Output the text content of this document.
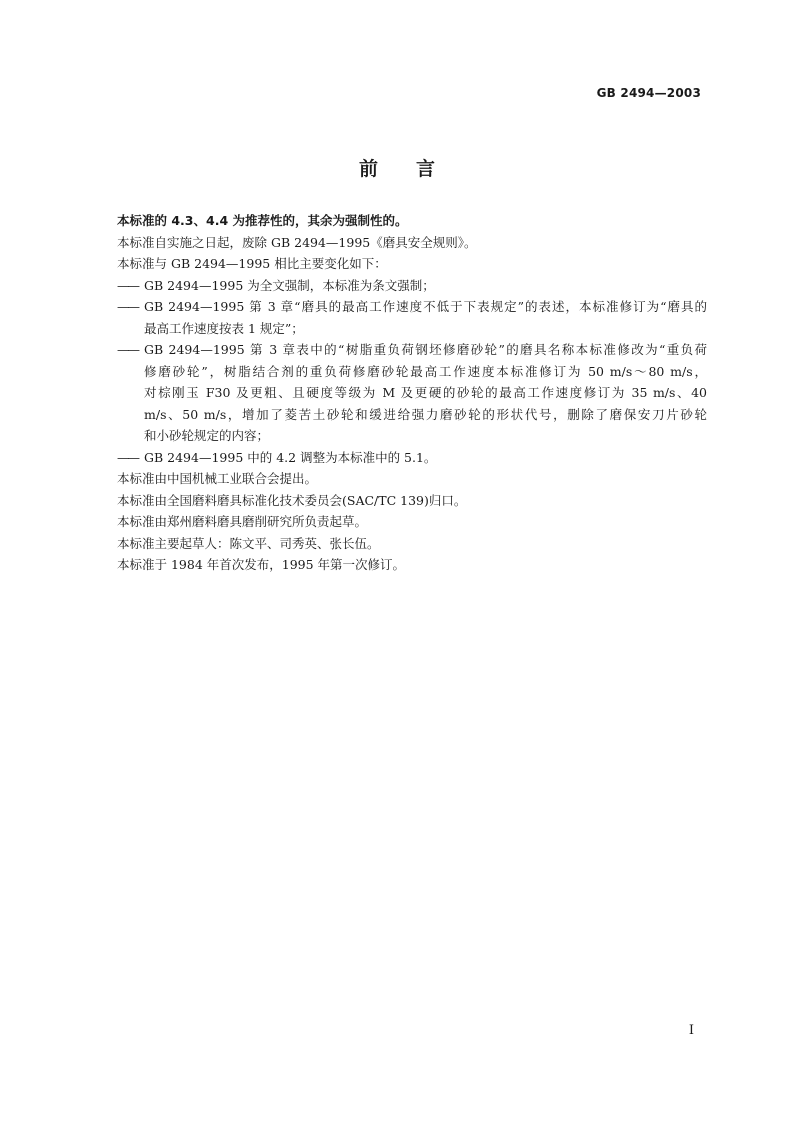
GB 2494—2003
前 言

本标准的 4.3、4.4 为推荐性的，其余为强制性的。

本标准自实施之日起，废除 GB 2494—1995《磨具安全规则》。

本标准与 GB 2494—1995 相比主要变化如下：

—— GB 2494—1995 为全文强制，本标准为条文强制；
—— GB 2494—1995 第 3 章“磨具的最高工作速度不低于下表规定”的表述，本标准修订为“磨具的
最高工作速度按表 1 规定”；
—— GB 2494—1995 第 3 章表中的“树脂重负荷钢坯修磨砂轮”的磨具名称本标准修改为“重负荷
修磨砂轮”，树脂结合剂的重负荷修磨砂轮最高工作速度本标准修订为 50 m/s～80 m/s，
对棕刚玉 F30 及更粗、且硬度等级为 M 及更硬的砂轮的最高工作速度修订为 35 m/s、40
m/s、50 m/s，增加了菱苦土砂轮和缓进给强力磨砂轮的形状代号，删除了磨保安刀片砂轮
和小砂轮规定的内容；
—— GB 2494—1995 中的 4.2 调整为本标准中的 5.1。

本标准由中国机械工业联合会提出。

本标准由全国磨料磨具标准化技术委员会(SAC/TC 139)归口。

本标准由郑州磨料磨具磨削研究所负责起草。

本标准主要起草人：陈文平、司秀英、张长伍。

本标准于 1984 年首次发布，1995 年第一次修订。

I
